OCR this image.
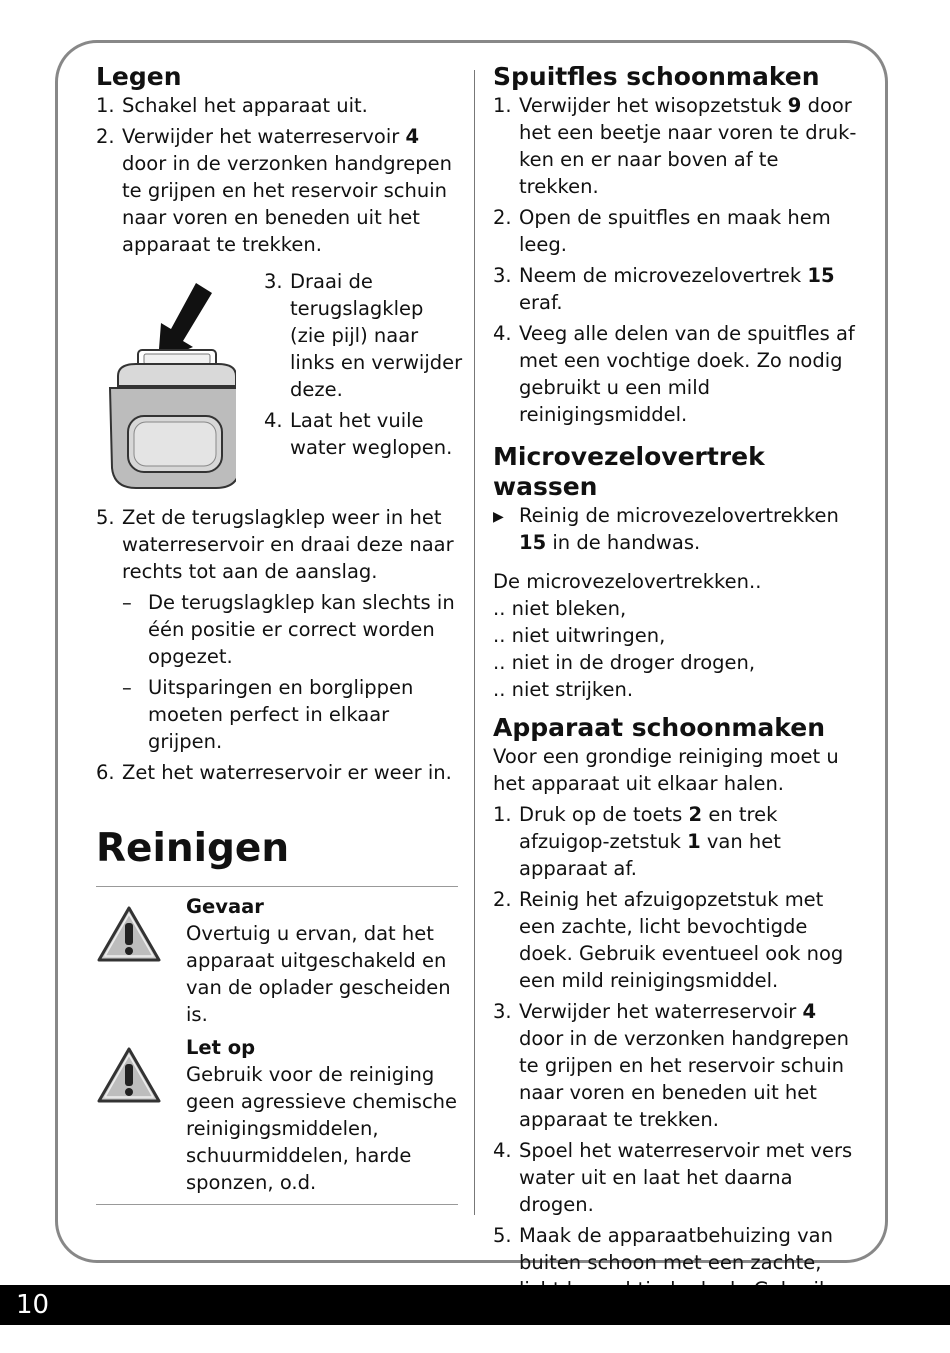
Legen
1. Schakel het apparaat uit.
2. Verwijder het waterreservoir 4 door in de verzonken handgrepen te grijpen en het reservoir schuin naar voren en beneden uit het apparaat te trekken.
3. Draai de terugslagklep (zie pijl) naar links en verwijder deze.
4. Laat het vuile water weglopen.
5. Zet de terugslagklep weer in het waterreservoir en draai deze naar rechts tot aan de aanslag.
– De terugslagklep kan slechts in één positie er correct worden opgezet.
– Uitsparingen en borglippen moeten perfect in elkaar grijpen.
6. Zet het waterreservoir er weer in.
Reinigen
Gevaar
Overtuig u ervan, dat het apparaat uitgeschakeld en van de oplader gescheiden is.
Let op
Gebruik voor de reiniging geen agressieve chemische reinigingsmiddelen, schuurmiddelen, harde sponzen, o.d.
Spuitfles schoonmaken
1. Verwijder het wisopzetstuk 9 door het een beetje naar voren te druk-ken en er naar boven af te trekken.
2. Open de spuitfles en maak hem leeg.
3. Neem de microvezelovertrek 15 eraf.
4. Veeg alle delen van de spuitfles af met een vochtige doek. Zo nodig gebruikt u een mild reinigingsmiddel.
Microvezelovertrek wassen
▶ Reinig de microvezelovertrekken 15 in de handwas.

De microvezelovertrekken..

.. niet bleken,

.. niet uitwringen,

.. niet in de droger drogen,

.. niet strijken.

Apparaat schoonmaken

Voor een grondige reiniging moet u het apparaat uit elkaar halen.

1. Druk op de toets 2 en trek afzuigop-zetstuk 1 van het apparaat af.
2. Reinig het afzuigopzetstuk met een zachte, licht bevochtigde doek. Gebruik eventueel ook nog een mild reinigingsmiddel.
3. Verwijder het waterreservoir 4 door in de verzonken handgrepen te grijpen en het reservoir schuin naar voren en beneden uit het apparaat te trekken.
4. Spoel het waterreservoir met vers water uit en laat het daarna drogen.
5. Maak de apparaatbehuizing van buiten schoon met een zachte,
10
